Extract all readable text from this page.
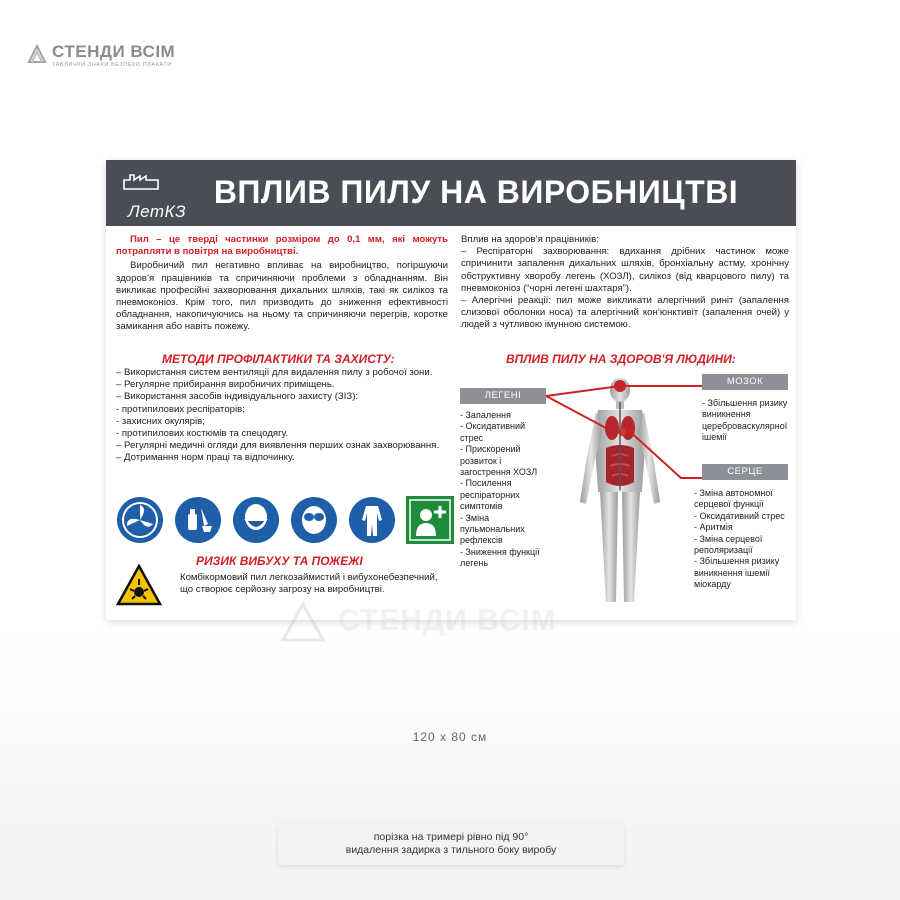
СТЕНДИ ВСІМ
ТАБЛИЧКИ ЗНАКИ БЕЗПЕКИ ПЛАКАТИ
ЛетКЗ
ВПЛИВ ПИЛУ НА ВИРОБНИЦТВІ

Пил – це тверді частинки розміром до 0,1 мм, які можуть потрапляти в повітря на виробництві.

Виробничий пил негативно впливає на виробництво, погіршуючи здоров’я працівників та спричиняючи проблеми з обладнанням. Він викликає професійні захворювання дихальних шляхів, такі як силікоз та пневмоконіоз. Крім того, пил призводить до зниження ефективності обладнання, накопичуючись на ньому та спричиняючи перегрів, коротке замикання або навіть пожежу.

МЕТОДИ ПРОФІЛАКТИКИ ТА ЗАХИСТУ:
– Використання систем вентиляції для видалення пилу з робочої зони.
– Регулярне прибирання виробничих приміщень.
– Використання засобів індивідуального захисту (ЗІЗ):
- протипилових респіраторів;
- захисних окулярів;
- протипилових костюмів та спецодягу.
– Регулярні медичні огляди для виявлення перших ознак захворювання.
– Дотримання норм праці та відпочинку.
РИЗИК ВИБУХУ ТА ПОЖЕЖІ
Комбікормовий пил легкозаймистий і вибухонебезпечний, що створює серйозну загрозу на виробництві.

Вплив на здоров’я працівників:

– Респіраторні захворювання: вдихання дрібних частинок може спричинити запалення дихальних шляхів, бронхіальну астму, хронічну обструктивну хворобу легень (ХОЗЛ), силікоз (від кварцового пилу) та пневмоконіоз (“чорні легені шахтаря”).

– Алергічні реакції: пил може викликати алергічний риніт (запалення слизової оболонки носа) та алергічний кон’юнктивіт (запалення очей) у людей з чутливою імунною системою.

ВПЛИВ ПИЛУ НА ЗДОРОВ'Я ЛЮДИНИ:
ЛЕГЕНІ
- Запалення
- Оксидативний стрес
- Прискорений розвиток і загострення ХОЗЛ
- Посилення респіраторних симптомів
- Зміна пульмональних рефлексів
- Зниження функції легень
МОЗОК
- Збільшення ризику виникнення цереброваскулярної ішемії
СЕРЦЕ
- Зміна автономної серцевої функції
- Оксидативний стрес
- Аритмія
- Зміна серцевої реполяризації
- Збільшення ризику виникнення ішемії міокарду
СТЕНДИ ВСІМ
120 х 80 см
порізка на тримері рівно під 90°
видалення задирка з тильного боку виробу
